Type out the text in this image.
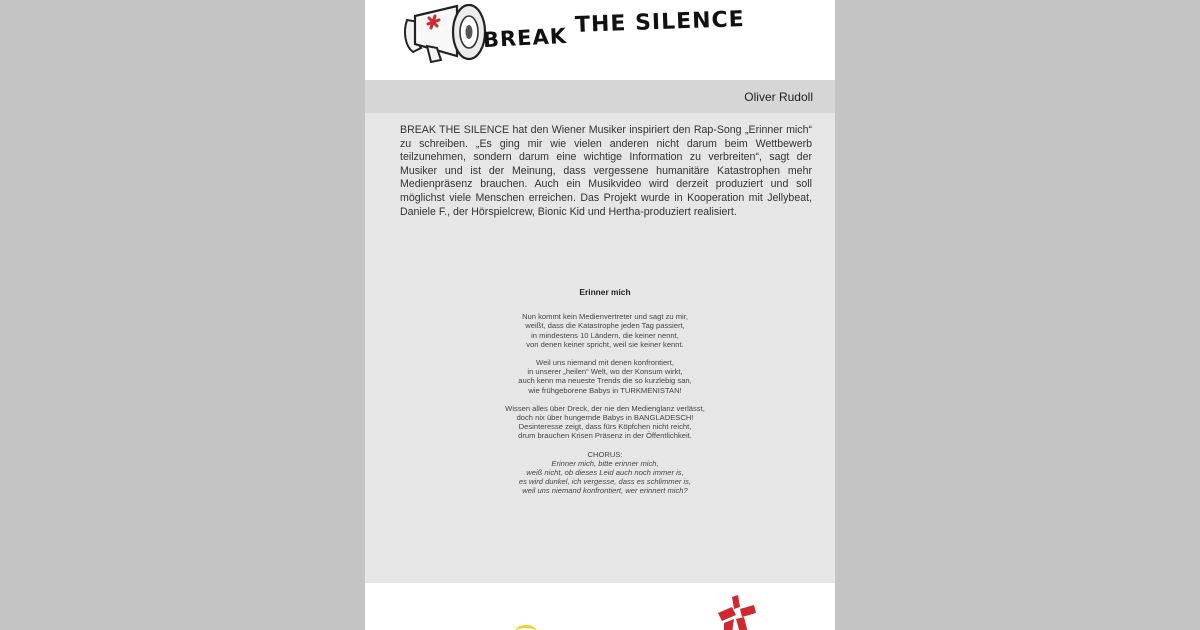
BREAK
THE SILENCE
Oliver Rudoll

BREAK THE SILENCE hat den Wiener Musiker inspiriert den Rap-Song „Erinner mich“ zu schreiben. „Es ging mir wie vielen anderen nicht darum beim Wettbewerb teilzunehmen, sondern darum eine wichtige Information zu verbreiten“, sagt der Musiker und ist der Meinung, dass vergessene humanitäre Katastrophen mehr Medienpräsenz brauchen. Auch ein Musikvideo wird derzeit produziert und soll möglichst viele Menschen erreichen. Das Projekt wurde in Kooperation mit Jellybeat, Daniele F., der Hörspielcrew, Bionic Kid und Hertha-produziert realisiert.

Erinner mich
Nun kommt kein Medienvertreter und sagt zu mir,
weißt, dass die Katastrophe jeden Tag passiert,
in mindestens 10 Ländern, die keiner nennt,
von denen keiner spricht, weil sie keiner kennt.
Weil uns niemand mit denen konfrontiert,
in unserer „heilen“ Welt, wo der Konsum wirkt,
auch kenn ma neueste Trends die so kurzlebig san,
wie frühgeborene Babys in TURKMENISTAN!
Wissen alles über Dreck, der nie den Medienglanz verlässt,
doch nix über hungernde Babys in BANGLADESCH!
Desinteresse zeigt, dass fürs Köpfchen nicht reicht,
drum brauchen Krisen Präsenz in der Öffentlichkeit.
CHORUS:
Erinner mich, bitte erinner mich,
weiß nicht, ob dieses Leid auch noch immer is,
es wird dunkel, ich vergesse, dass es schlimmer is,
weil uns niemand konfrontiert, wer erinnert mich?
